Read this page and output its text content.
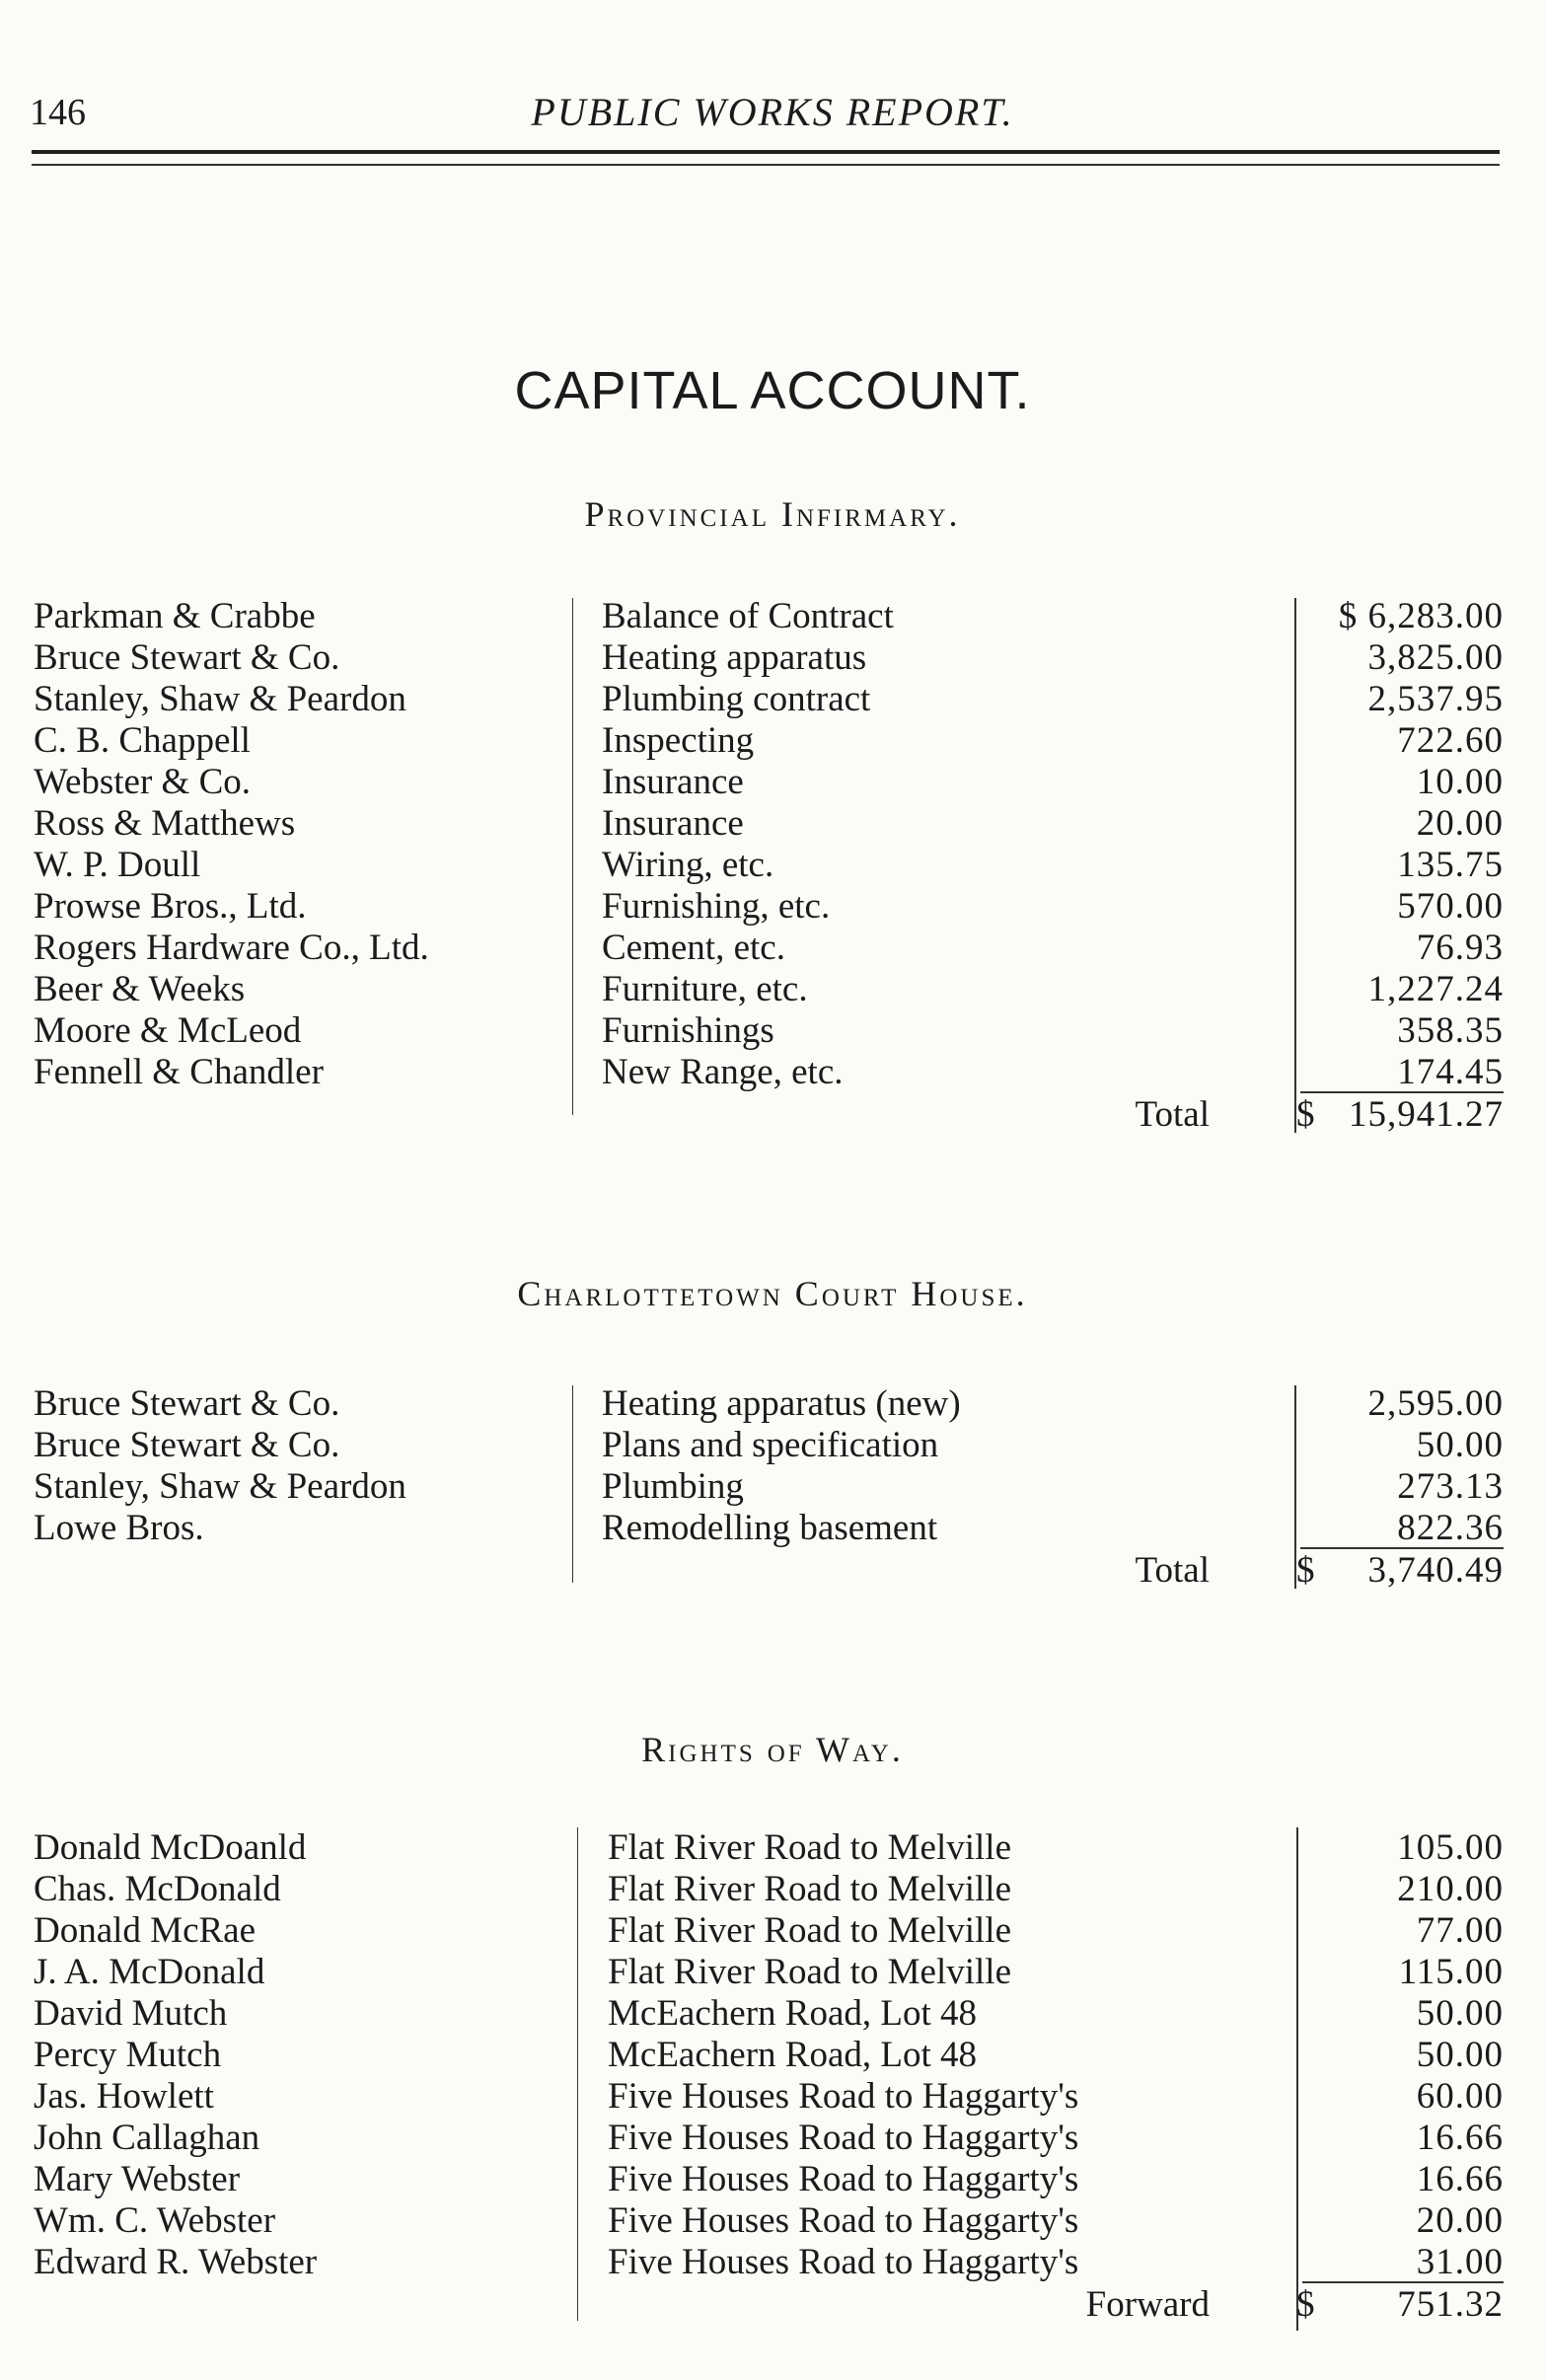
146	PUBLIC WORKS REPORT.
CAPITAL ACCOUNT.
Provincial Infirmary.
Parkman & Crabbe	Balance of Contract	$ 6,283.00
Bruce Stewart & Co.	Heating apparatus	3,825.00
Stanley, Shaw & Peardon	Plumbing contract	2,537.95
C. B. Chappell	Inspecting	722.60
Webster & Co.	Insurance	10.00
Ross & Matthews	Insurance	20.00
W. P. Doull	Wiring, etc.	135.75
Prowse Bros., Ltd.	Furnishing, etc.	570.00
Rogers Hardware Co., Ltd.	Cement, etc.	76.93
Beer & Weeks	Furniture, etc.	1,227.24
Moore & McLeod	Furnishings	358.35
Fennell & Chandler	New Range, etc.	174.45
Total $ 15,941.27
Charlottetown Court House.
Bruce Stewart & Co.	Heating apparatus (new)	2,595.00
Bruce Stewart & Co.	Plans and specification	50.00
Stanley, Shaw & Peardon	Plumbing	273.13
Lowe Bros.	Remodelling basement	822.36
Total $ 3,740.49
Rights of Way.
Donald McDoanld	Flat River Road to Melville	105.00
Chas. McDonald	Flat River Road to Melville	210.00
Donald McRae	Flat River Road to Melville	77.00
J. A. McDonald	Flat River Road to Melville	115.00
David Mutch	McEachern Road, Lot 48	50.00
Percy Mutch	McEachern Road, Lot 48	50.00
Jas. Howlett	Five Houses Road to Haggarty's	60.00
John Callaghan	Five Houses Road to Haggarty's	16.66
Mary Webster	Five Houses Road to Haggarty's	16.66
Wm. C. Webster	Five Houses Road to Haggarty's	20.00
Edward R. Webster	Five Houses Road to Haggarty's	31.00
Forward $ 751.32
